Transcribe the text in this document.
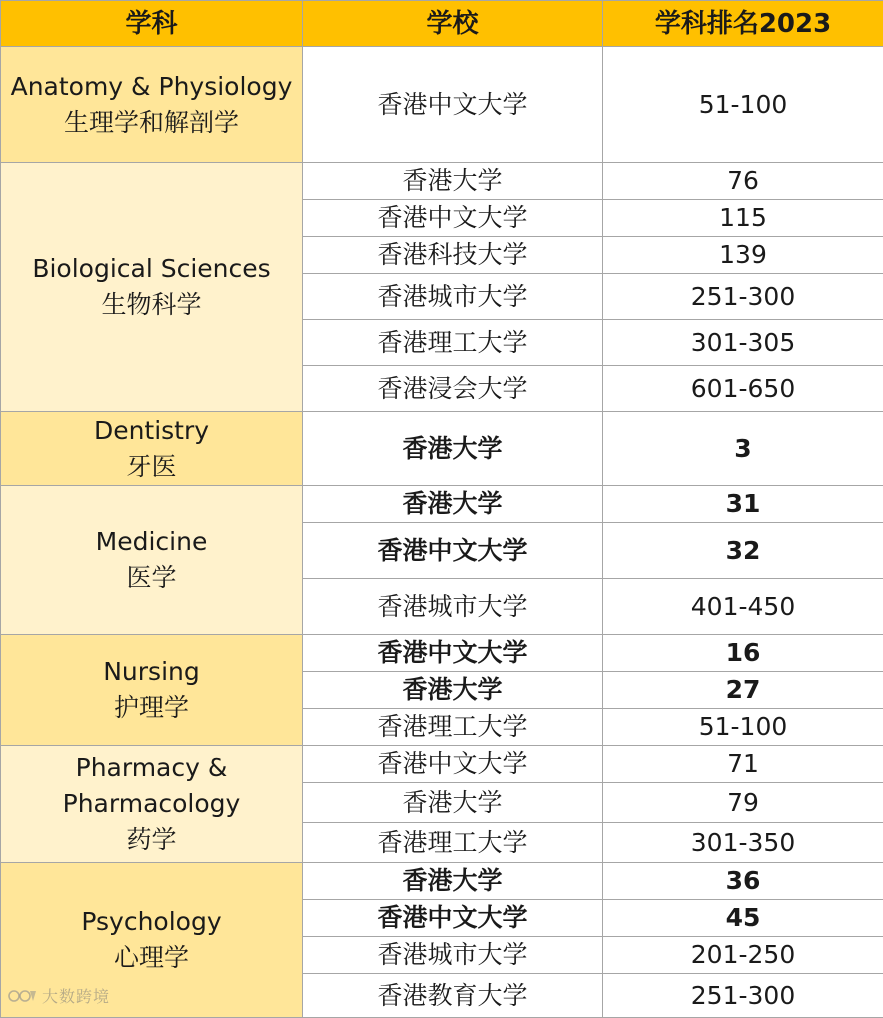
学科	学校	学科排名2023

Anatomy & Physiology
生理学和解剖学	香港中文大学	51-100

Biological Sciences
生物科学	香港大学	76
	香港中文大学	115
	香港科技大学	139
	香港城市大学	251-300
	香港理工大学	301-305
	香港浸会大学	601-650

Dentistry
牙医	香港大学	3

Medicine
医学	香港大学	31
	香港中文大学	32
	香港城市大学	401-450

Nursing
护理学	香港中文大学	16
	香港大学	27
	香港理工大学	51-100

Pharmacy &
Pharmacology
药学	香港中文大学	71
	香港大学	79
	香港理工大学	301-350

Psychology
心理学	香港大学	36
	香港中文大学	45
	香港城市大学	201-250
	香港教育大学	251-300
大数跨境
